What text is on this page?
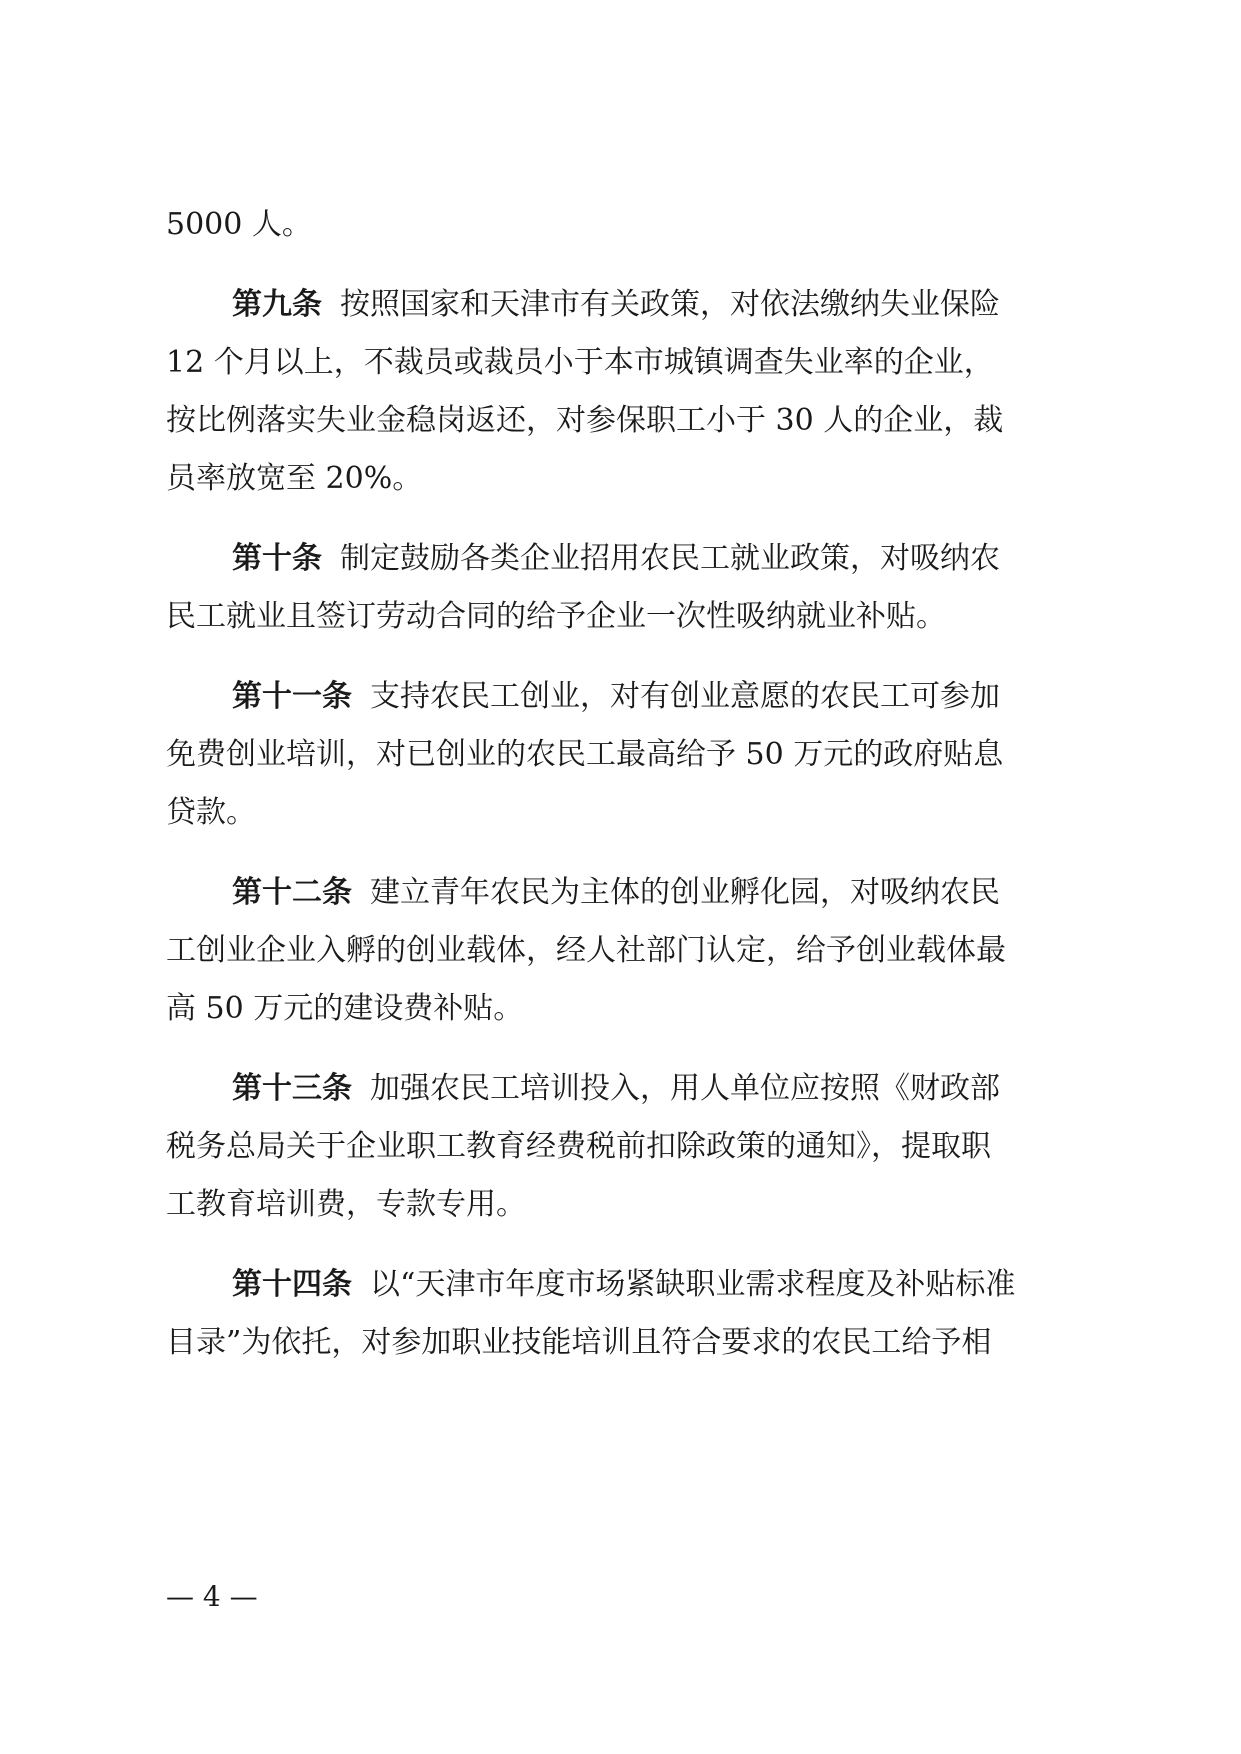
5000 人。
第九条 按照国家和天津市有关政策，对依法缴纳失业保险
12 个月以上，不裁员或裁员小于本市城镇调查失业率的企业，
按比例落实失业金稳岗返还，对参保职工小于 30 人的企业，裁
员率放宽至 20%。
第十条 制定鼓励各类企业招用农民工就业政策，对吸纳农
民工就业且签订劳动合同的给予企业一次性吸纳就业补贴。
第十一条 支持农民工创业，对有创业意愿的农民工可参加
免费创业培训，对已创业的农民工最高给予 50 万元的政府贴息
贷款。
第十二条 建立青年农民为主体的创业孵化园，对吸纳农民
工创业企业入孵的创业载体，经人社部门认定，给予创业载体最
高 50 万元的建设费补贴。
第十三条 加强农民工培训投入，用人单位应按照《财政部
税务总局关于企业职工教育经费税前扣除政策的通知》，提取职
工教育培训费，专款专用。
第十四条 以“天津市年度市场紧缺职业需求程度及补贴标准
目录”为依托，对参加职业技能培训且符合要求的农民工给予相
— 4 —
